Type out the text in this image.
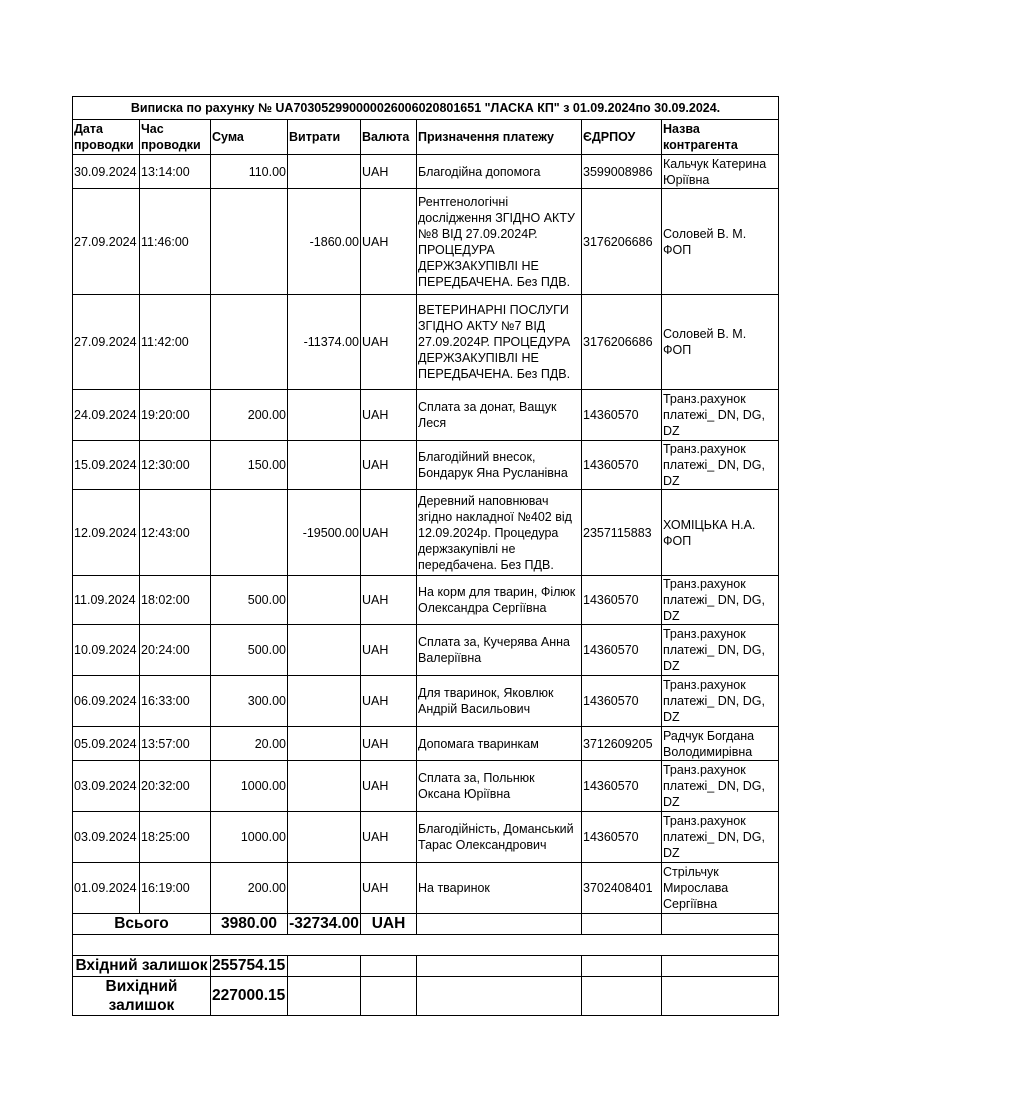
Виписка по рахунку № UA703052990000026006020801651 "ЛАСКА КП" з 01.09.2024по 30.09.2024.							
Дата проводки	Час проводки	Сума	Витрати	Валюта	Призначення платежу	ЄДРПОУ	Назва контрагента
30.09.2024	13:14:00	110.00		UAH	Благодійна допомога	3599008986	Кальчук Катерина Юріївна
27.09.2024	11:46:00		-1860.00	UAH	Рентгенологічні дослідження ЗГІДНО АКТУ №8 ВІД 27.09.2024Р. ПРОЦЕДУРА ДЕРЖЗАКУПІВЛІ НЕ ПЕРЕДБАЧЕНА. Без ПДВ.	3176206686	Соловей В. М. ФОП
27.09.2024	11:42:00		-11374.00	UAH	ВЕТЕРИНАРНІ ПОСЛУГИ ЗГІДНО АКТУ №7 ВІД 27.09.2024Р. ПРОЦЕДУРА ДЕРЖЗАКУПІВЛІ НЕ ПЕРЕДБАЧЕНА. Без ПДВ.	3176206686	Соловей В. М. ФОП
24.09.2024	19:20:00	200.00		UAH	Сплата за донат, Ващук Леся	14360570	Транз.рахунок платежі_ DN, DG, DZ
15.09.2024	12:30:00	150.00		UAH	Благодійний внесок, Бондарук Яна Русланівна	14360570	Транз.рахунок платежі_ DN, DG, DZ
12.09.2024	12:43:00		-19500.00	UAH	Деревний наповнювач згідно накладної №402 від 12.09.2024р. Процедура держзакупівлі не передбачена. Без ПДВ.	2357115883	ХОМІЦЬКА Н.А. ФОП
11.09.2024	18:02:00	500.00		UAH	На корм для тварин, Філюк Олександра Сергіївна	14360570	Транз.рахунок платежі_ DN, DG, DZ
10.09.2024	20:24:00	500.00		UAH	Сплата за, Кучерява Анна Валеріївна	14360570	Транз.рахунок платежі_ DN, DG, DZ
06.09.2024	16:33:00	300.00		UAH	Для тваринок, Яковлюк Андрій Васильович	14360570	Транз.рахунок платежі_ DN, DG, DZ
05.09.2024	13:57:00	20.00		UAH	Допомага тваринкам	3712609205	Радчук Богдана Володимирівна
03.09.2024	20:32:00	1000.00		UAH	Сплата за, Польнюк Оксана Юріївна	14360570	Транз.рахунок платежі_ DN, DG, DZ
03.09.2024	18:25:00	1000.00		UAH	Благодійність, Доманський Тарас Олександрович	14360570	Транз.рахунок платежі_ DN, DG, DZ
01.09.2024	16:19:00	200.00		UAH	На тваринок	3702408401	Стрільчук Мирослава Сергіївна
Всього		3980.00	-32734.00	UAH			

Вхідний залишок		255754.15					
Вихідний залишок		227000.15					
